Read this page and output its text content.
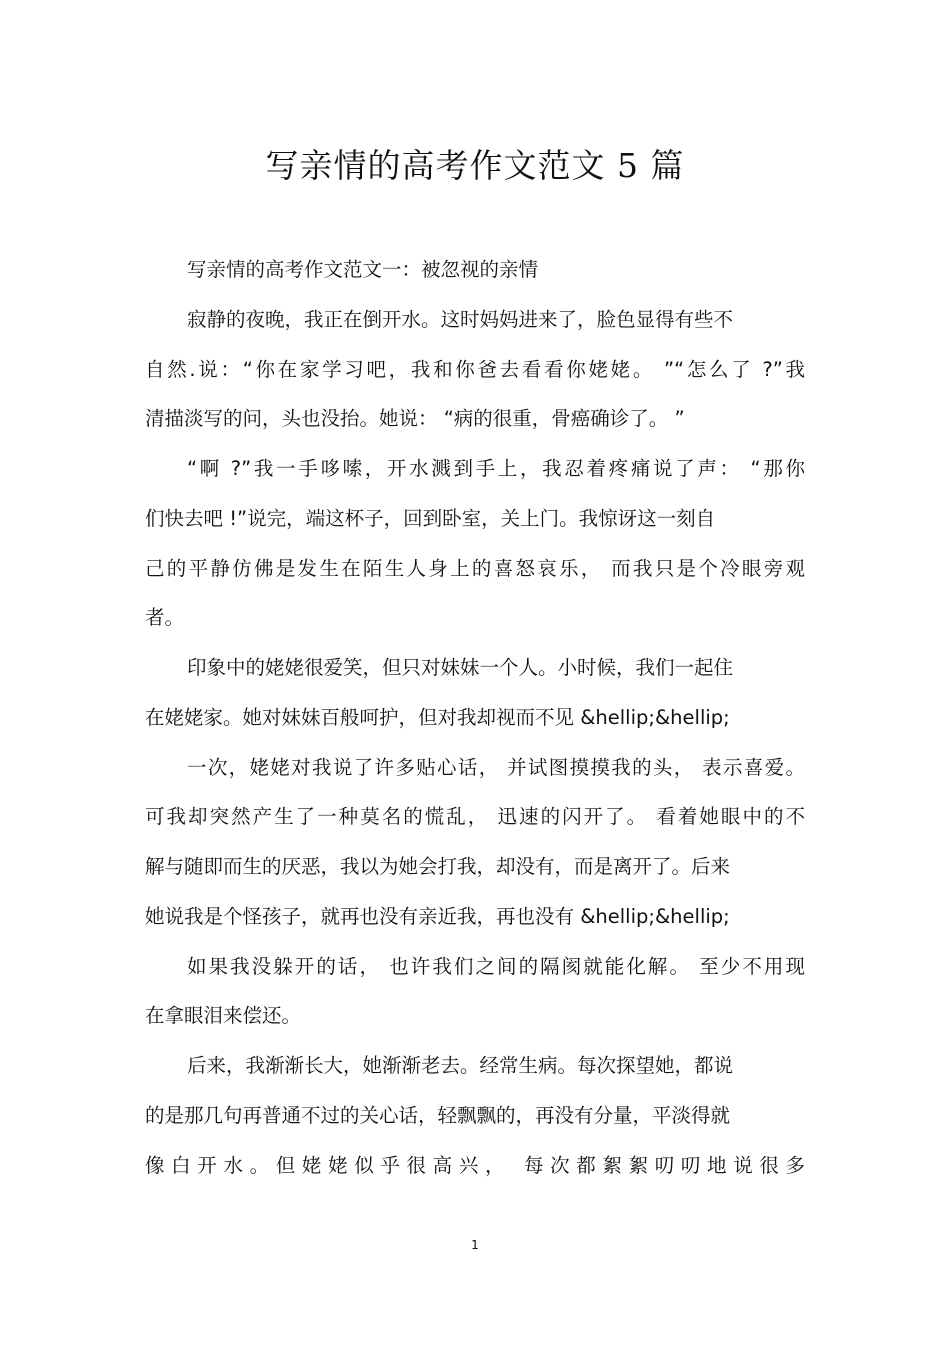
写亲情的高考作文范文 5 篇
写亲情的高考作文范文一：被忽视的亲情
寂静的夜晚，我正在倒开水。这时妈妈进来了，脸色显得有些不
自然.说：“你在家学习吧，我和你爸去看看你姥姥。 ”“怎么了 ?”我
清描淡写的问，头也没抬。她说： “病的很重，骨癌确诊了。 ”
“啊 ?”我一手哆嗦，开水溅到手上，我忍着疼痛说了声： “那你
们快去吧 !”说完，端这杯子，回到卧室，关上门。我惊讶这一刻自
己的平静仿佛是发生在陌生人身上的喜怒哀乐， 而我只是个冷眼旁观
者。
印象中的姥姥很爱笑，但只对妹妹一个人。小时候，我们一起住
在姥姥家。她对妹妹百般呵护，但对我却视而不见 &hellip;&hellip;
一次，姥姥对我说了许多贴心话， 并试图摸摸我的头， 表示喜爱。
可我却突然产生了一种莫名的慌乱， 迅速的闪开了。 看着她眼中的不
解与随即而生的厌恶，我以为她会打我，却没有，而是离开了。后来
她说我是个怪孩子，就再也没有亲近我，再也没有 &hellip;&hellip;
如果我没躲开的话， 也许我们之间的隔阂就能化解。 至少不用现
在拿眼泪来偿还。
后来，我渐渐长大，她渐渐老去。经常生病。每次探望她，都说
的是那几句再普通不过的关心话，轻飘飘的，再没有分量，平淡得就
像白开水。但姥姥似乎很高兴， 每次都絮絮叨叨地说很多
1
